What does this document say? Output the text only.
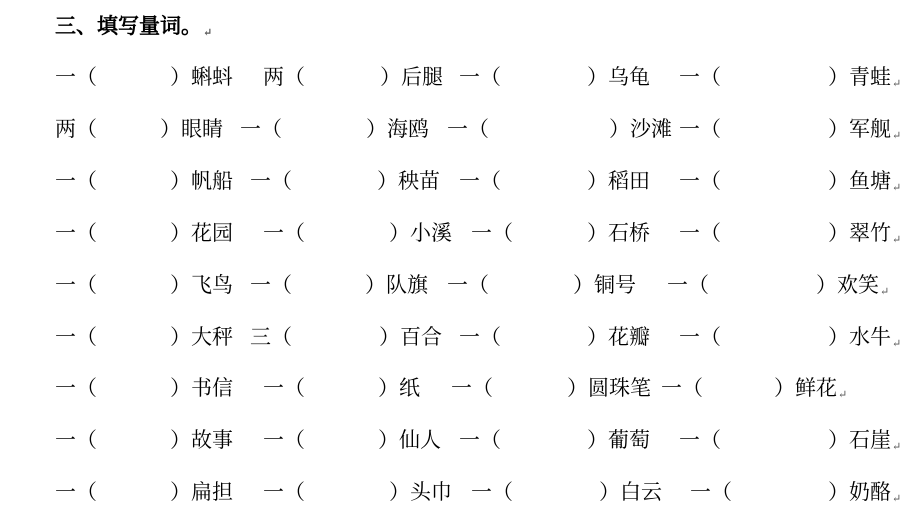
三、填写量词。↵
一（	）蝌蚪 两（	）后腿 一（	）乌龟 一（	）青蛙↵
两（	）眼睛 一（	）海鸥 一（	）沙滩 一（	）军舰↵
一（	）帆船 一（	）秧苗 一（	）稻田 一（	）鱼塘↵
一（	）花园 一（	）小溪 一（	）石桥 一（	）翠竹↵
一（	）飞鸟 一（	）队旗 一（	）铜号 一（	）欢笑↵
一（	）大秤 三（	）百合 一（	）花瓣 一（	）水牛↵
一（	）书信 一（	）纸 一（	）圆珠笔 一（	）鲜花↵
一（	）故事 一（	）仙人 一（	）葡萄 一（	）石崖↵
一（	）扁担 一（	）头巾 一（	）白云 一（	）奶酪↵
